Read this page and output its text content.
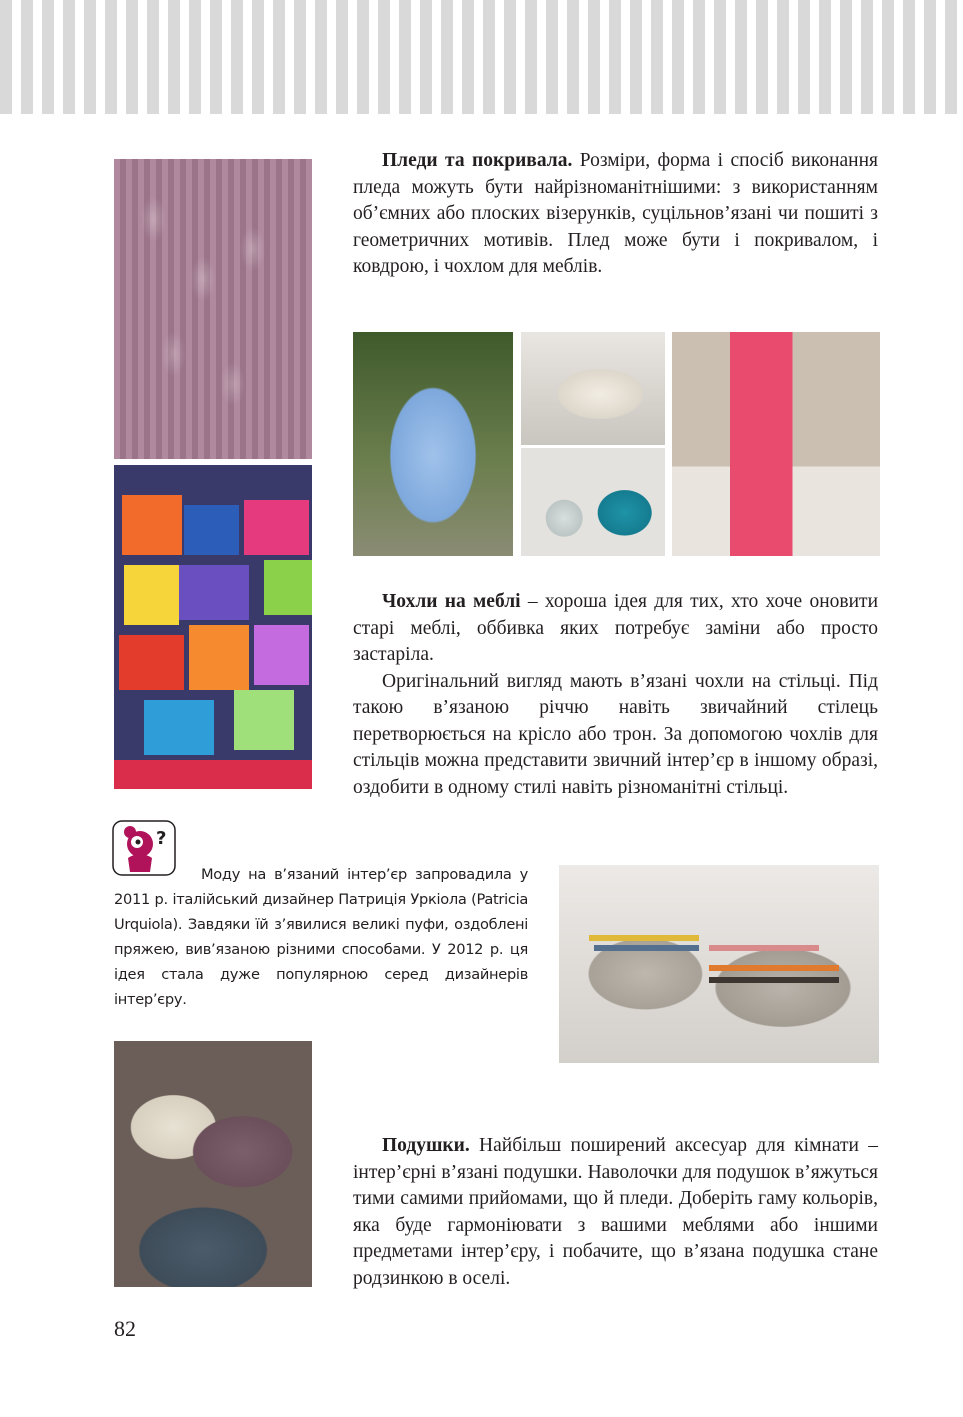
Пледи та покривала. Розміри, форма і спосіб виконання пледа можуть бути найрізноманітнішими: з використанням об’ємних або плоских візерунків, суцільнов’язані чи пошиті з геометричних мотивів. Плед може бути і покривалом, і ковдрою, і чохлом для меблів.

Чохли на меблі – хороша ідея для тих, хто хоче оновити старі меблі, оббивка яких потребує заміни або просто застаріла.

Оригінальний вигляд мають в’язані чохли на стільці. Під такою в’язаною річчю навіть звичайний стілець перетворюється на крісло або трон. За допомогою чохлів для стільців можна представити звичний інтер’єр в іншому образі, оздобити в одному стилі навіть різноманітні стільці.

?
Моду на в’язаний інтер’єр запровадила у 2011 р. італійський дизайнер Патриція Уркіола (Patricia Urquiola). Завдяки їй з’явилися великі пуфи, оздоблені пряжею, вив’язаною різними способами. У 2012 р. ця ідея стала дуже популярною серед дизайнерів інтер’єру.

Подушки. Найбільш поширений аксесуар для кімнати – інтер’єрні в’язані подушки. Наволочки для подушок в’яжуться тими самими прийомами, що й пледи. Доберіть гаму кольорів, яка буде гармоніювати з вашими меблями або іншими предметами інтер’єру, і побачите, що в’язана подушка стане родзинкою в оселі.

82
